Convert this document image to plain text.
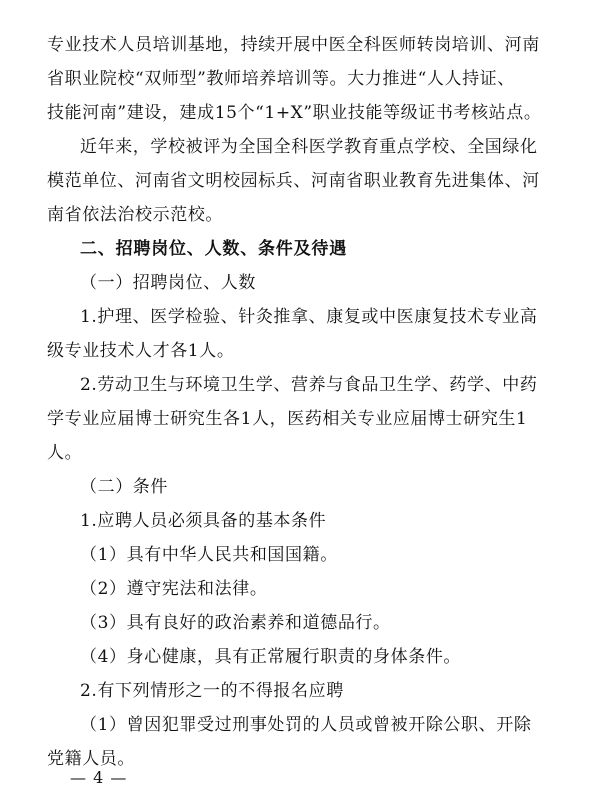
专业技术人员培训基地，持续开展中医全科医师转岗培训、河南
省职业院校“双师型”教师培养培训等。大力推进“人人持证、
技能河南”建设，建成15个“1+X”职业技能等级证书考核站点。
近年来，学校被评为全国全科医学教育重点学校、全国绿化
模范单位、河南省文明校园标兵、河南省职业教育先进集体、河
南省依法治校示范校。
二、招聘岗位、人数、条件及待遇
（一）招聘岗位、人数
1.护理、医学检验、针灸推拿、康复或中医康复技术专业高
级专业技术人才各1人。
2.劳动卫生与环境卫生学、营养与食品卫生学、药学、中药
学专业应届博士研究生各1人，医药相关专业应届博士研究生1
人。
（二）条件
1.应聘人员必须具备的基本条件
（1）具有中华人民共和国国籍。
（2）遵守宪法和法律。
（3）具有良好的政治素养和道德品行。
（4）身心健康，具有正常履行职责的身体条件。
2.有下列情形之一的不得报名应聘
（1）曾因犯罪受过刑事处罚的人员或曾被开除公职、开除
党籍人员。
— 4 —
